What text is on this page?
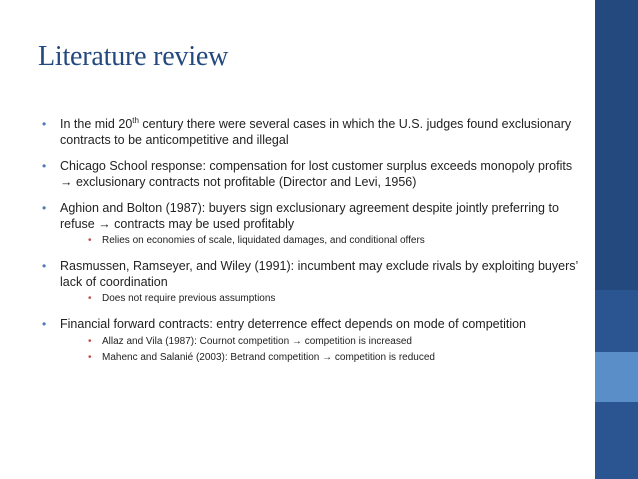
Literature review
• In the mid 20th century there were several cases in which the U.S. judges found exclusionary contracts to be anticompetitive and illegal
• Chicago School response: compensation for lost customer surplus exceeds monopoly profits → exclusionary contracts not profitable (Director and Levi, 1956)
• Aghion and Bolton (1987): buyers sign exclusionary agreement despite jointly preferring to refuse → contracts may be used profitably
• Relies on economies of scale, liquidated damages, and conditional offers
• Rasmussen, Ramseyer, and Wiley (1991): incumbent may exclude rivals by exploiting buyers’ lack of coordination
• Does not require previous assumptions
• Financial forward contracts: entry deterrence effect depends on mode of competition
• Allaz and Vila (1987): Cournot competition → competition is increased
• Mahenc and Salanié (2003): Betrand competition → competition is reduced
